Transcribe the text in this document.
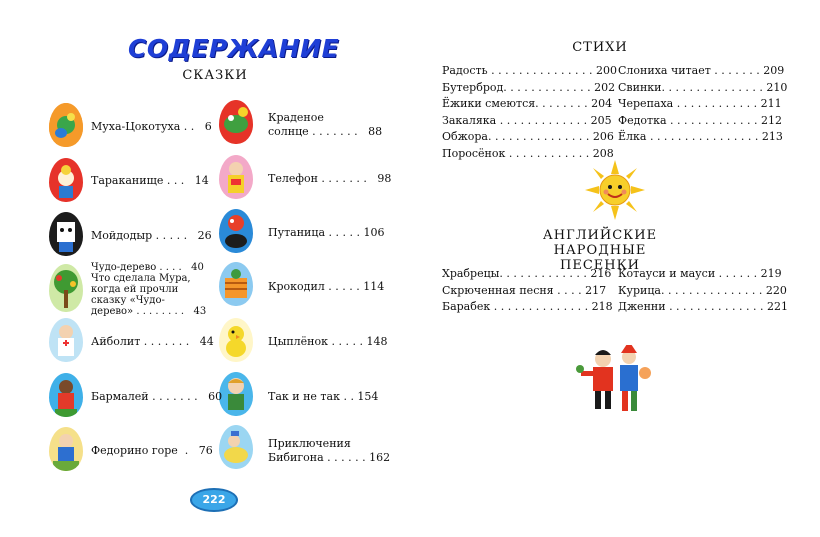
СОДЕРЖАНИЕ
СКАЗКИ
Муха-Цокотуха . .   6
Тараканище . . .   14
Мойдодыр . . . . .   26
Чудо-дерево . . . .   40
Что сделала Мура,
когда ей прочли
сказку «Чудо-
дерево» . . . . . . . .   43
Айболит . . . . . . .   44
Бармалей . . . . . . .   60
Федорино горе  .   76
Краденое
солнце . . . . . . .   88
Телефон . . . . . . .   98
Путаница . . . . . 106
Крокодил . . . . . 114
Цыплёнок . . . . . 148
Так и не так . . 154
Приключения
Бибигона . . . . . . 162
222
СТИХИ
Радость . . . . . . . . . . . . . . . 200
Бутерброд. . . . . . . . . . . . . 202
Ёжики смеются. . . . . . . . 204
Закаляка . . . . . . . . . . . . . 205
Обжора. . . . . . . . . . . . . . . 206
Поросёнок . . . . . . . . . . . . 208
Слониха читает . . . . . . . 209
Свинки. . . . . . . . . . . . . . . 210
Черепаха . . . . . . . . . . . . 211
Федотка . . . . . . . . . . . . . 212
Ёлка . . . . . . . . . . . . . . . . 213
АНГЛИЙСКИЕ
НАРОДНЫЕ ПЕСЕНКИ
Храбрецы. . . . . . . . . . . . . 216
Скрюченная песня . . . . 217
Барабек . . . . . . . . . . . . . . 218
Котауси и мауси . . . . . . 219
Курица. . . . . . . . . . . . . . . 220
Дженни . . . . . . . . . . . . . . 221
